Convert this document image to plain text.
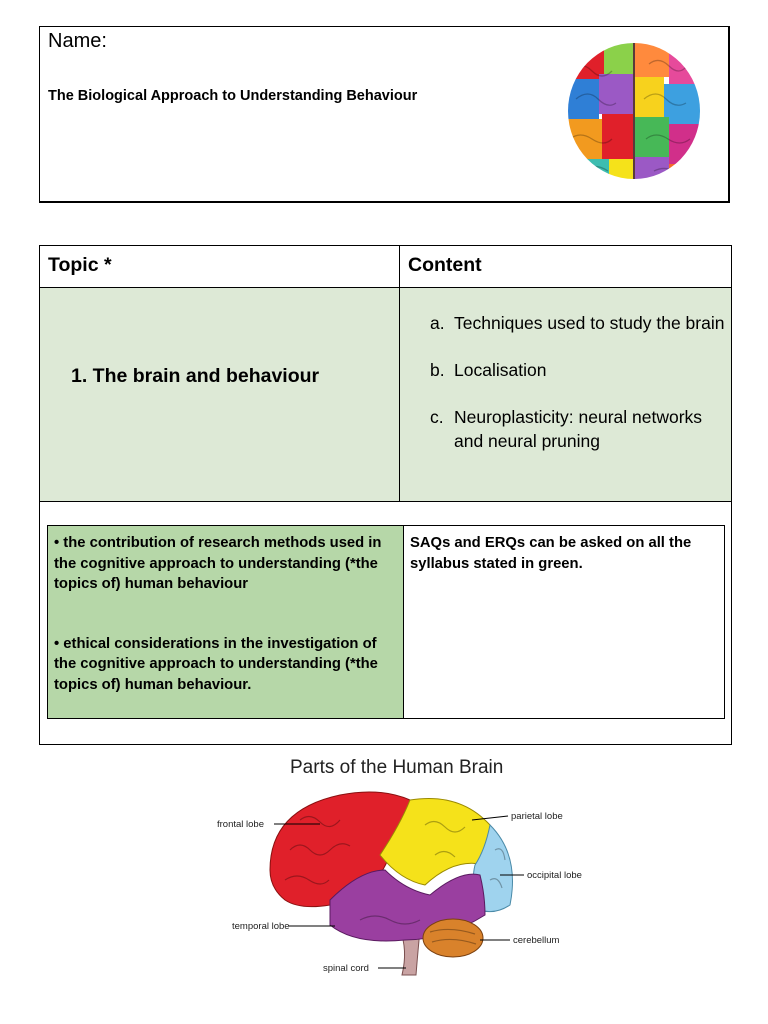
Name:
The Biological Approach to Understanding Behaviour
Topic *	Content
1. The brain and behaviour
a. Techniques used to study the brain
b. Localisation
c. Neuroplasticity: neural networks and neural pruning

• the contribution of research methods used in the cognitive approach to understanding (*the topics of) human behaviour

• ethical considerations in the investigation of the cognitive approach to understanding (*the topics of) human behaviour.

SAQs and ERQs can be asked on all the syllabus stated in green.
Parts of the Human Brain
frontal lobe
parietal lobe
occipital lobe
temporal lobe
cerebellum
spinal cord
